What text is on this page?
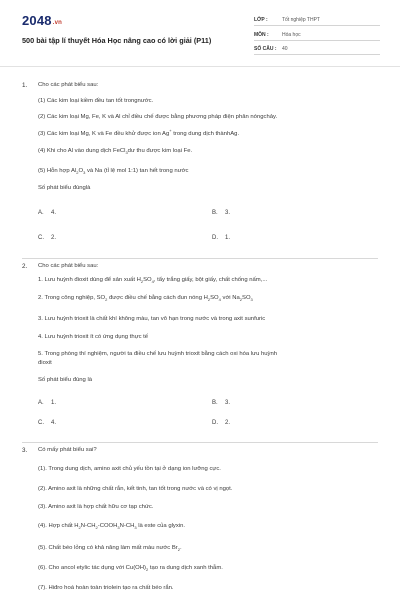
2048.vn
500 bài tập lí thuyết Hóa Học nâng cao có lời giải (P11)
LỚP :	Tốt nghiệp THPT
MÔN :	Hóa học
SỐ CÂU : 40
1. Cho các phát biểu sau:
(1) Các kim loại kiềm đều tan tốt trongnước.
(2) Các kim loại Mg, Fe, K và Al chỉ điều chế được bằng phương pháp điện phân nóngchảy.
(3) Các kim loại Mg, K và Fe đều khử được ion Ag+ trong dung dịch thànhAg.
(4) Khi cho Al vào dung dịch FeCl$_3$dư thu được kim loại Fe.
(5) Hỗn hợp $Al_2O_3$ và Na (tỉ lệ mol 1:1) tan hết trong nước
Số phát biểu đúnglà
A. 4.	B. 3.
C. 2.	D. 1.
2. Cho các phát biểu sau:
1. Lưu huỳnh đioxit dùng để sản xuất $H_2SO_4$, tẩy trắng giấy, bột giấy, chất chống nấm,...
2. Trong công nghiệp, $SO_2$ được điều chế bằng cách đun nóng $H_2SO_4$ với $Na_2SO_3$
3. Lưu huỳnh trioxit là chất khí không màu, tan vô hạn trong nước và trong axit sunfuric
4. Lưu huỳnh trioxit ít có ứng dụng thực tế
5. Trong phòng thí nghiệm, người ta điều chế lưu huỳnh trioxit bằng cách oxi hóa lưu huỳnh
đioxit
Số phát biểu đúng là
A. 1.	B. 3.
C. 4.	D. 2.
3. Có mấy phát biểu sai?
(1). Trong dung dịch, amino axit chủ yếu tồn tại ở dạng ion lưỡng cực.
(2). Amino axit là những chất rắn, kết tinh, tan tốt trong nước và có vị ngọt.
(3). Amino axit là hợp chất hữu cơ tạp chức.
(4). Hợp chất $H_2N-CH_2-COOH_3N-CH_3$ là este của glyxin.
(5). Chất béo lỏng có khả năng làm mất màu nước $Br_2$.
(6). Cho ancol etylic tác dụng với $Cu(OH)_2$ tạo ra dung dịch xanh thẫm.
(7). Hiđro hoá hoàn toàn triolein tạo ra chất béo rắn.
